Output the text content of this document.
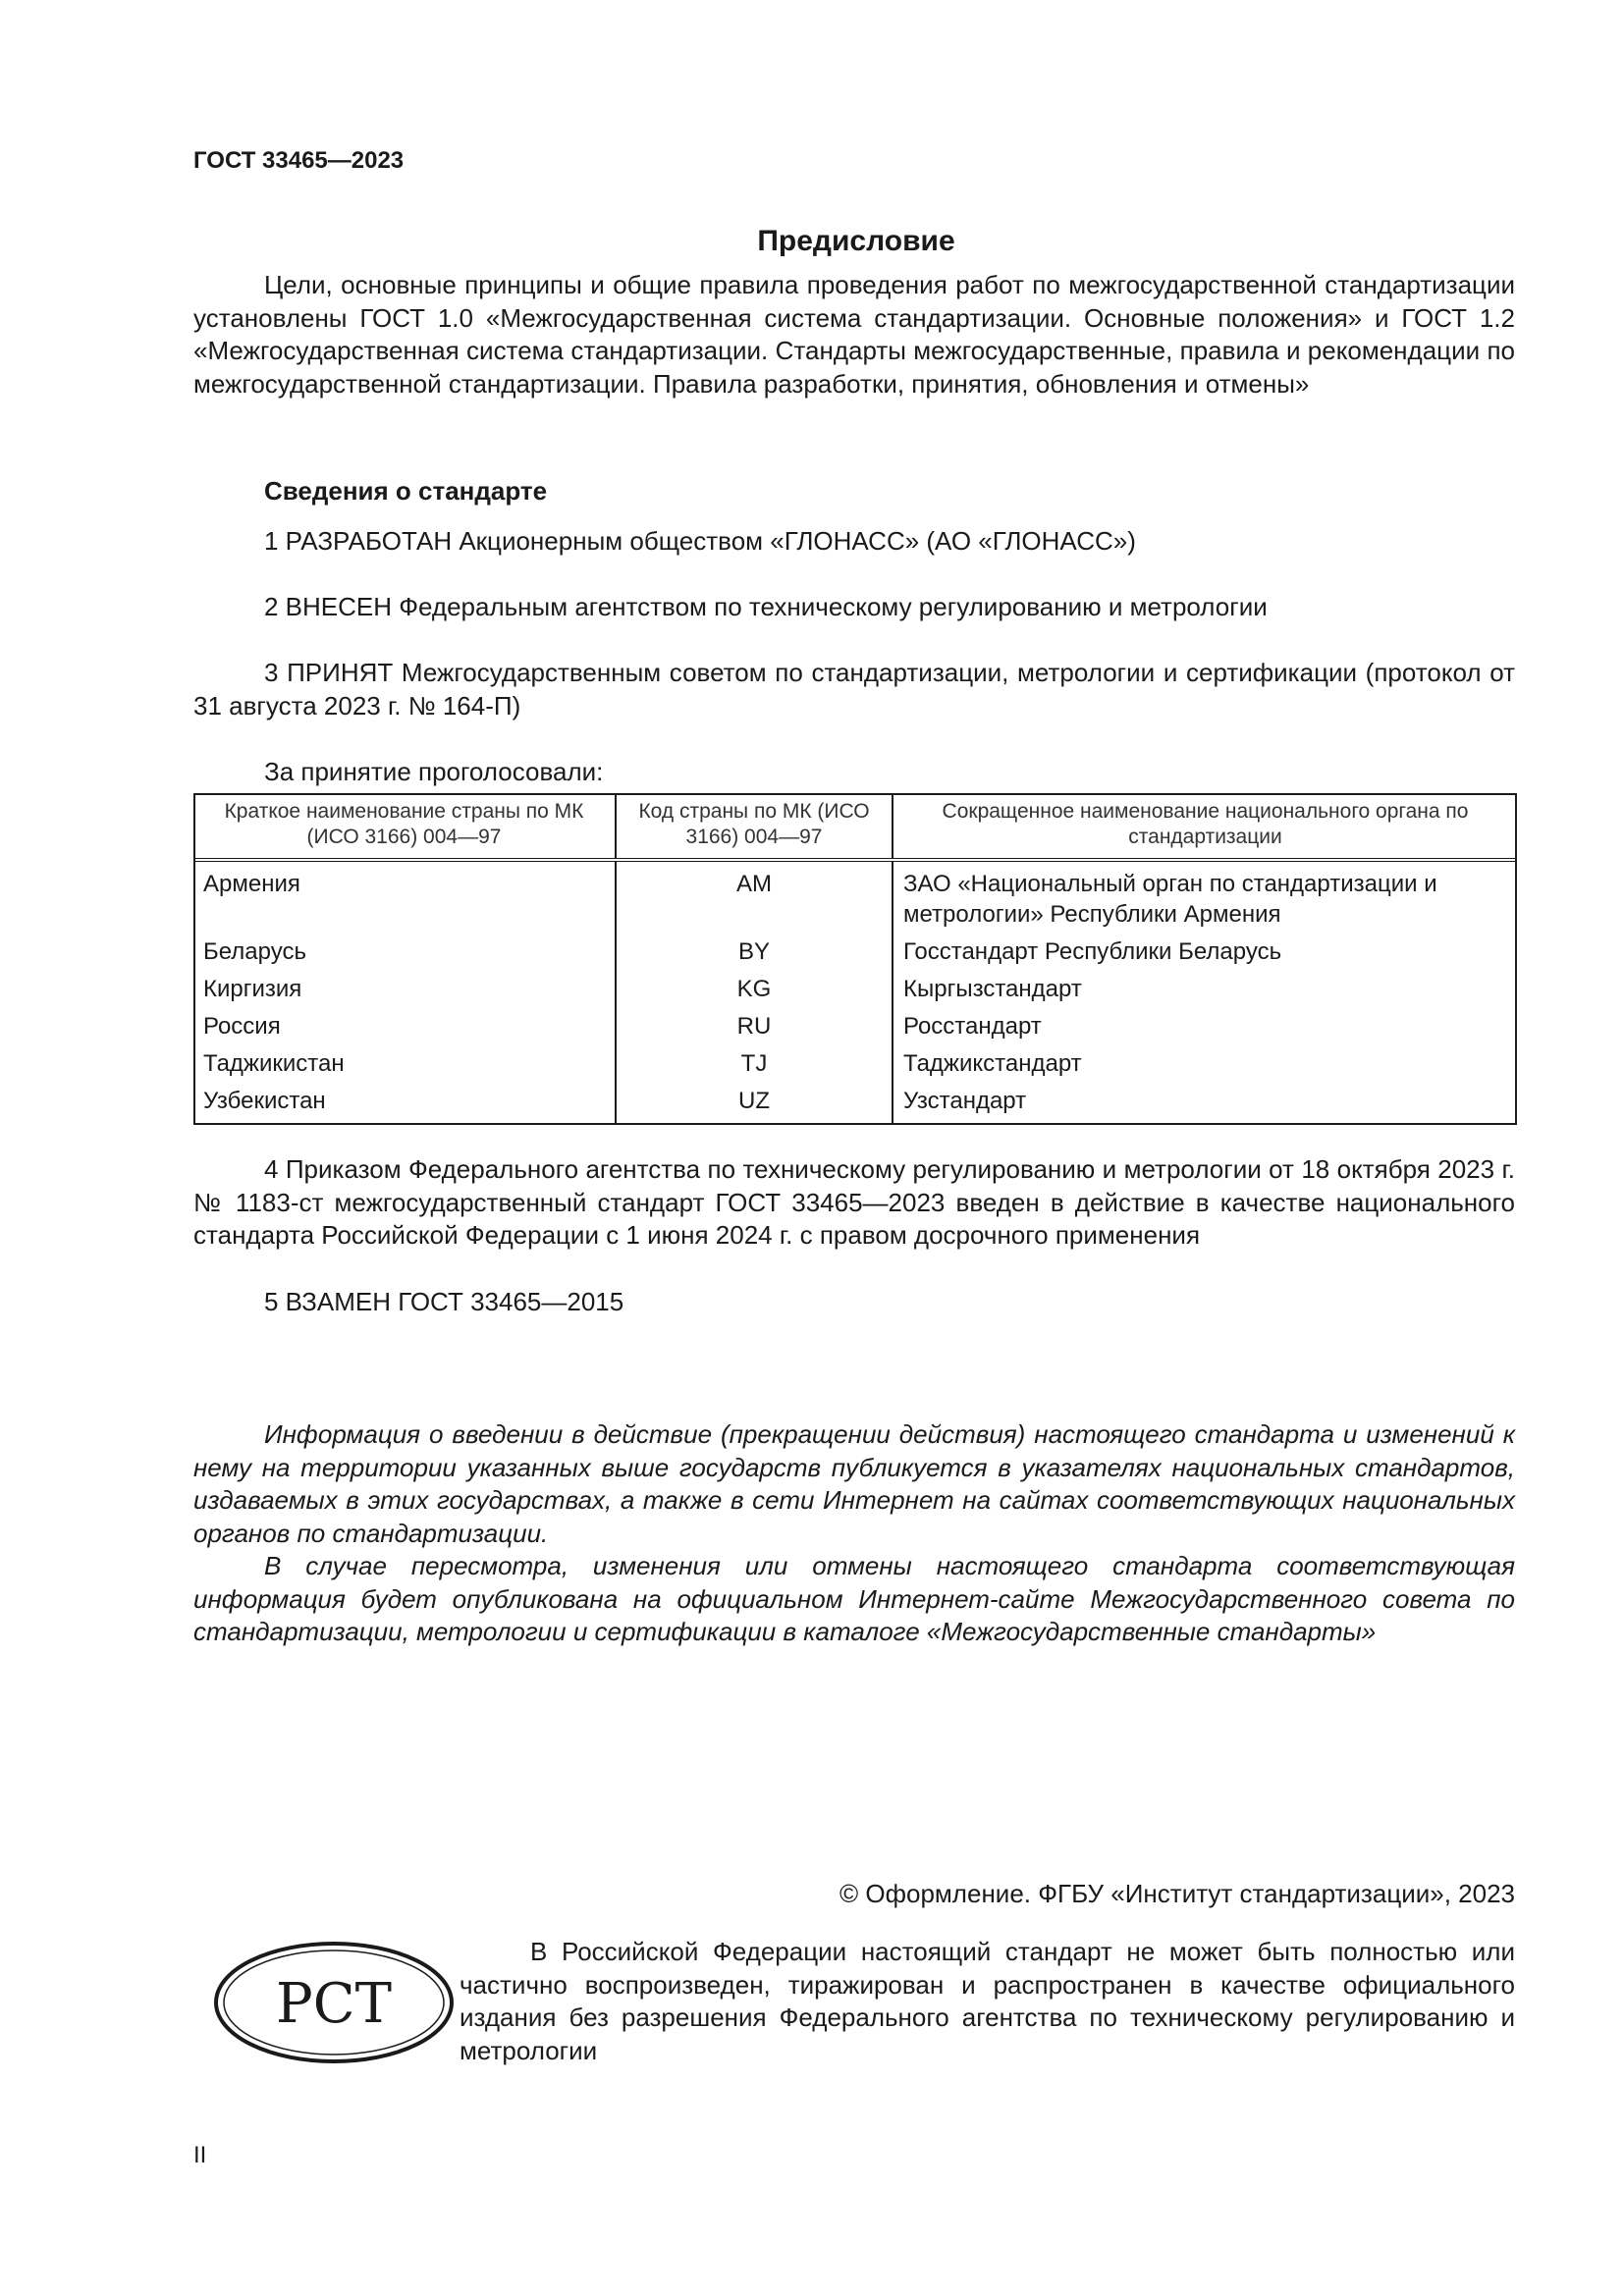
ГОСТ 33465—2023
Предисловие

Цели, основные принципы и общие правила проведения работ по межгосударственной стандартизации установлены ГОСТ 1.0 «Межгосударственная система стандартизации. Основные положения» и ГОСТ 1.2 «Межгосударственная система стандартизации. Стандарты межгосударственные, правила и рекомендации по межгосударственной стандартизации. Правила разработки, принятия, обновления и отмены»

Сведения о стандарте

1 РАЗРАБОТАН Акционерным обществом «ГЛОНАСС» (АО «ГЛОНАСС»)

2 ВНЕСЕН Федеральным агентством по техническому регулированию и метрологии

3 ПРИНЯТ Межгосударственным советом по стандартизации, метрологии и сертификации (протокол от 31 августа 2023 г. № 164-П)

За принятие проголосовали:

Краткое наименование страны по МК (ИСО 3166) 004—97	Код страны по МК (ИСО 3166) 004—97	Сокращенное наименование национального органа по стандартизации
Армения	AM	ЗАО «Национальный орган по стандартизации и метрологии» Республики Армения
Беларусь	BY	Госстандарт Республики Беларусь
Киргизия	KG	Кыргызстандарт
Россия	RU	Росстандарт
Таджикистан	TJ	Таджикстандарт
Узбекистан	UZ	Узстандарт

4 Приказом Федерального агентства по техническому регулированию и метрологии от 18 октября 2023 г. № 1183-ст межгосударственный стандарт ГОСТ 33465—2023 введен в действие в качестве национального стандарта Российской Федерации с 1 июня 2024 г. с правом досрочного применения

5 ВЗАМЕН ГОСТ 33465—2015

Информация о введении в действие (прекращении действия) настоящего стандарта и изменений к нему на территории указанных выше государств публикуется в указателях национальных стандартов, издаваемых в этих государствах, а также в сети Интернет на сайтах соответствующих национальных органов по стандартизации.

В случае пересмотра, изменения или отмены настоящего стандарта соответствующая информация будет опубликована на официальном Интернет-сайте Межгосударственного совета по стандартизации, метрологии и сертификации в каталоге «Межгосударственные стандарты»

© Оформление. ФГБУ «Институт стандартизации», 2023
РСТ

В Российской Федерации настоящий стандарт не может быть полностью или частично воспроизведен, тиражирован и распространен в качестве официального издания без разрешения Федерального агентства по техническому регулированию и метрологии

II
